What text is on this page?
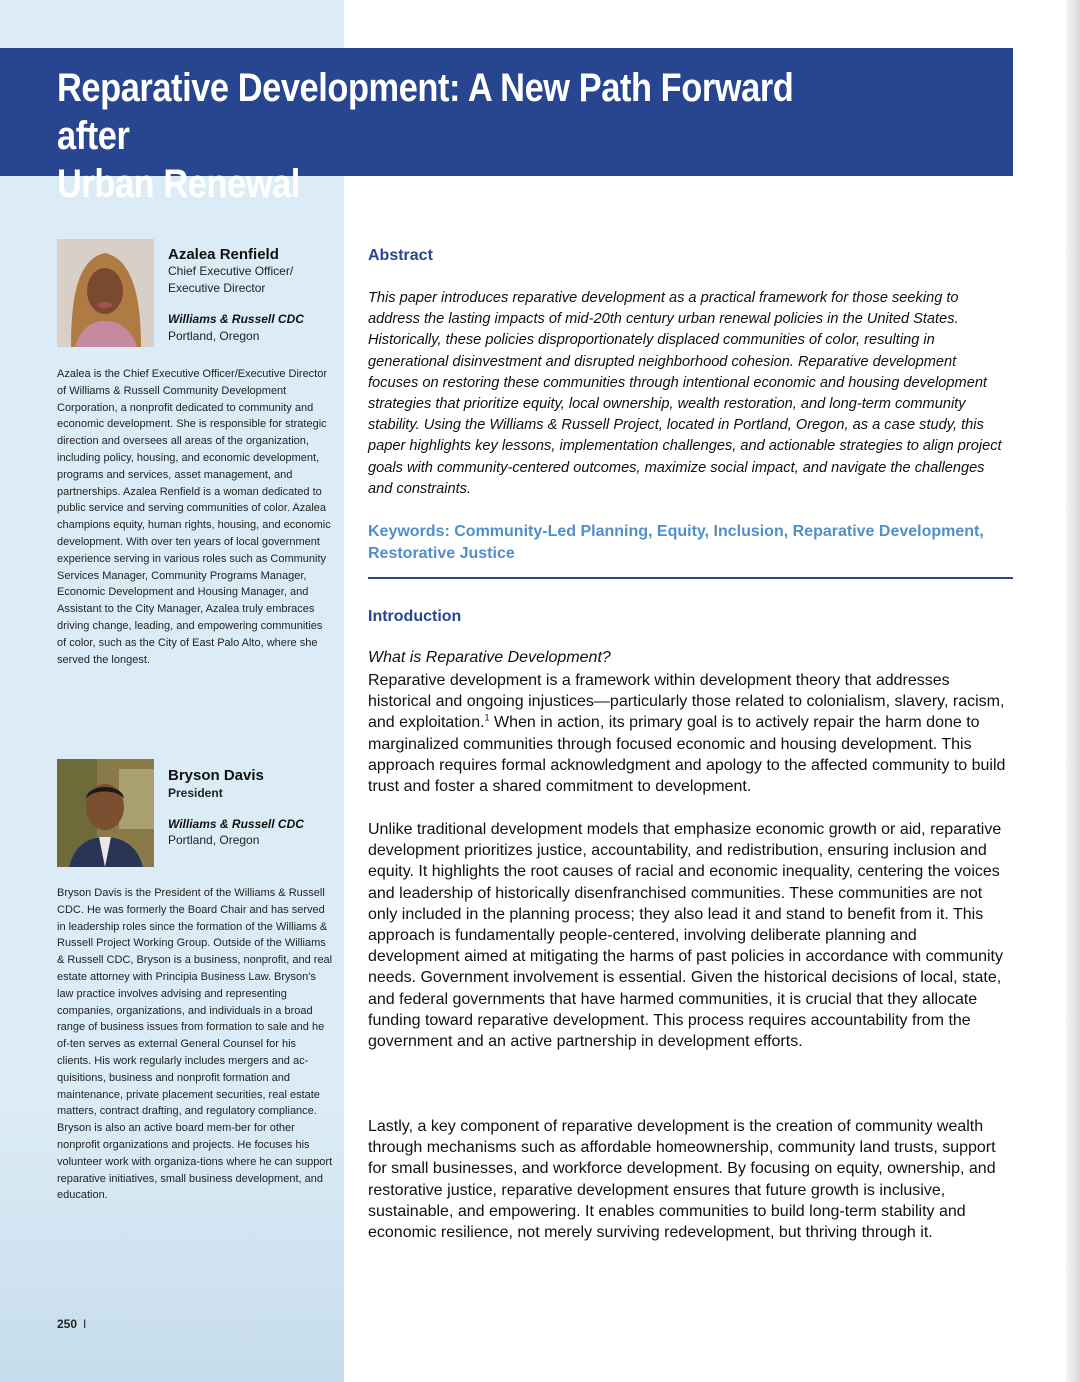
Reparative Development: A New Path Forward after
Urban Renewal
Azalea Renfield
Chief Executive Officer/
Executive Director
Williams & Russell CDC
Portland, Oregon
Azalea is the Chief Executive Officer/Executive Director of Williams & Russell Community Development Corporation, a nonprofit dedicated to community and economic development. She is responsible for strategic direction and oversees all areas of the organization, including policy, housing, and economic development, programs and services, asset management, and partnerships. Azalea Renfield is a woman dedicated to public service and serving communities of color. Azalea champions equity, human rights, housing, and economic development. With over ten years of local government experience serving in various roles such as Community Services Manager, Community Programs Manager, Economic Development and Housing Manager, and Assistant to the City Manager, Azalea truly embraces driving change, leading, and empowering communities of color, such as the City of East Palo Alto, where she served the longest.
Bryson Davis
President
Williams & Russell CDC
Portland, Oregon
Bryson Davis is the President of the Williams & Russell CDC. He was formerly the Board Chair and has served in leadership roles since the formation of the Williams & Russell Project Working Group. Outside of the Williams & Russell CDC, Bryson is a business, nonprofit, and real estate attorney with Principia Business Law. Bryson's law practice involves advising and representing companies, organizations, and individuals in a broad range of business issues from formation to sale and he of-ten serves as external General Counsel for his clients. His work regularly includes mergers and ac-quisitions, business and nonprofit formation and maintenance, private placement securities, real estate matters, contract drafting, and regulatory compliance. Bryson is also an active board mem-ber for other nonprofit organizations and projects. He focuses his volunteer work with organiza-tions where he can support reparative initiatives, small business development, and education.
250 I
Abstract
This paper introduces reparative development as a practical framework for those seeking to address the lasting impacts of mid-20th century urban renewal policies in the United States. Historically, these policies disproportionately displaced communities of color, resulting in generational disinvestment and disrupted neighborhood cohesion. Reparative development focuses on restoring these communities through intentional economic and housing development strategies that prioritize equity, local ownership, wealth restoration, and long-term community stability. Using the Williams & Russell Project, located in Portland, Oregon, as a case study, this paper highlights key lessons, implementation challenges, and actionable strategies to align project goals with community-centered outcomes, maximize social impact, and navigate the challenges and constraints.
Keywords: Community-Led Planning, Equity, Inclusion, Reparative Development, Restorative Justice
Introduction
What is Reparative Development?
Reparative development is a framework within development theory that addresses historical and ongoing injustices—particularly those related to colonialism, slavery, racism, and exploitation.$^1$ When in action, its primary goal is to actively repair the harm done to marginalized communities through focused economic and housing development. This approach requires formal acknowledgment and apology to the affected community to build trust and foster a shared commitment to development.
Unlike traditional development models that emphasize economic growth or aid, reparative development prioritizes justice, accountability, and redistribution, ensuring inclusion and equity. It highlights the root causes of racial and economic inequality, centering the voices and leadership of historically disenfranchised communities. These communities are not only included in the planning process; they also lead it and stand to benefit from it. This approach is fundamentally people-centered, involving deliberate planning and development aimed at mitigating the harms of past policies in accordance with community needs. Government involvement is essential. Given the historical decisions of local, state, and federal governments that have harmed communities, it is crucial that they allocate funding toward reparative development. This process requires accountability from the government and an active partnership in development efforts.
Lastly, a key component of reparative development is the creation of community wealth through mechanisms such as affordable homeownership, community land trusts, support for small businesses, and workforce development. By focusing on equity, ownership, and restorative justice, reparative development ensures that future growth is inclusive, sustainable, and empowering. It enables communities to build long-term stability and economic resilience, not merely surviving redevelopment, but thriving through it.
